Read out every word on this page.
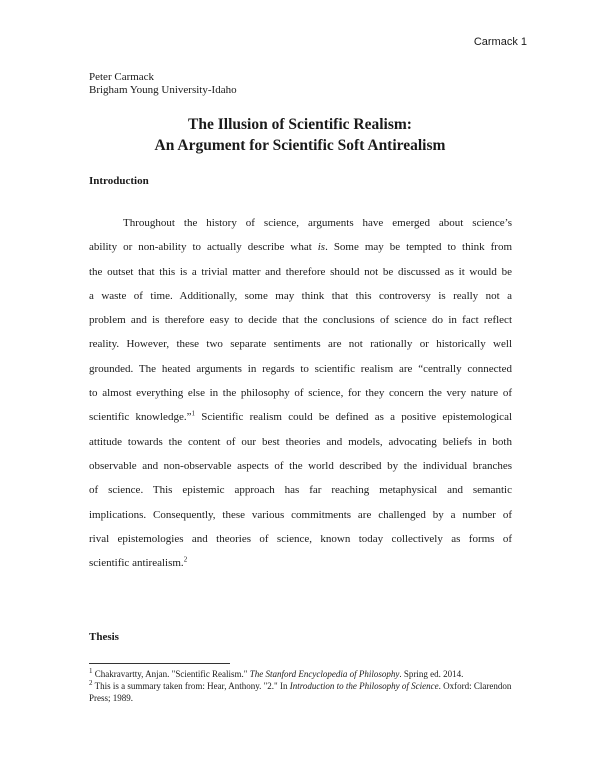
Carmack 1
Peter Carmack
Brigham Young University-Idaho
The Illusion of Scientific Realism:
An Argument for Scientific Soft Antirealism
Introduction
Throughout the history of science, arguments have emerged about science’s
ability or non-ability to actually describe what is. Some may be tempted to think from
the outset that this is a trivial matter and therefore should not be discussed as it would be
a waste of time. Additionally, some may think that this controversy is really not a
problem and is therefore easy to decide that the conclusions of science do in fact reflect
reality. However, these two separate sentiments are not rationally or historically well
grounded. The heated arguments in regards to scientific realism are “centrally connected
to almost everything else in the philosophy of science, for they concern the very nature of
scientific knowledge.”$^1$ Scientific realism could be defined as a positive epistemological
attitude towards the content of our best theories and models, advocating beliefs in both
observable and non-observable aspects of the world described by the individual branches
of science. This epistemic approach has far reaching metaphysical and semantic
implications. Consequently, these various commitments are challenged by a number of
rival epistemologies and theories of science, known today collectively as forms of
scientific antirealism.$^2$
Thesis
$^1$ Chakravartty, Anjan. "Scientific Realism." The Stanford Encyclopedia of Philosophy. Spring ed. 2014.
$^2$ This is a summary taken from: Hear, Anthony. "2." In Introduction to the Philosophy of Science. Oxford: Clarendon Press; 1989.
